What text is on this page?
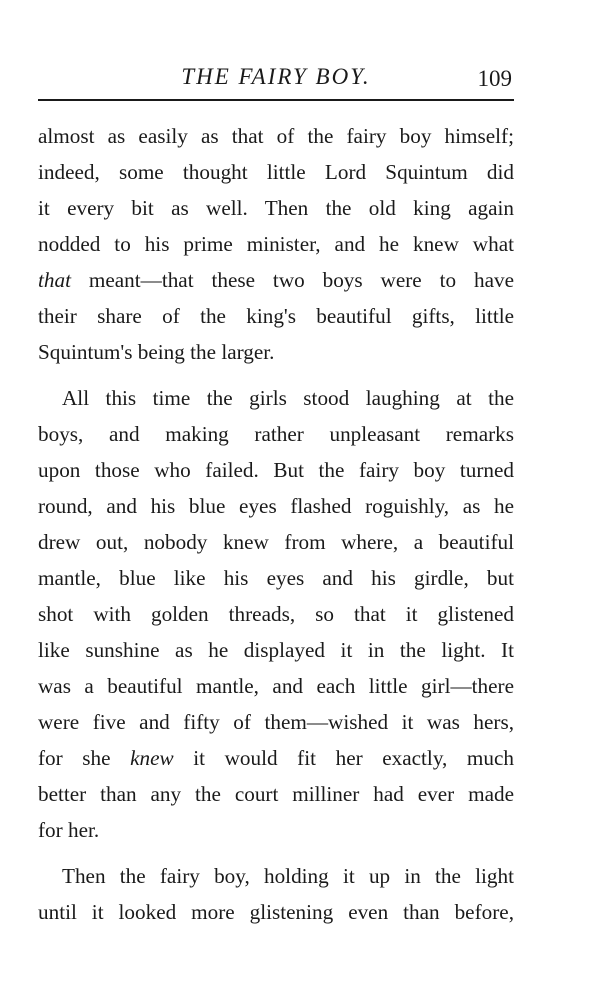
THE FAIRY BOY.	109

almost as easily as that of the fairy boy himself;
indeed, some thought little Lord Squintum did
it every bit as well. Then the old king again
nodded to his prime minister, and he knew what
that meant—that these two boys were to have
their share of the king's beautiful gifts, little
Squintum's being the larger.

All this time the girls stood laughing at the
boys, and making rather unpleasant remarks
upon those who failed. But the fairy boy turned
round, and his blue eyes flashed roguishly, as he
drew out, nobody knew from where, a beautiful
mantle, blue like his eyes and his girdle, but
shot with golden threads, so that it glistened
like sunshine as he displayed it in the light. It
was a beautiful mantle, and each little girl—there
were five and fifty of them—wished it was hers,
for she knew it would fit her exactly, much
better than any the court milliner had ever made
for her.

Then the fairy boy, holding it up in the light
until it looked more glistening even than before,
